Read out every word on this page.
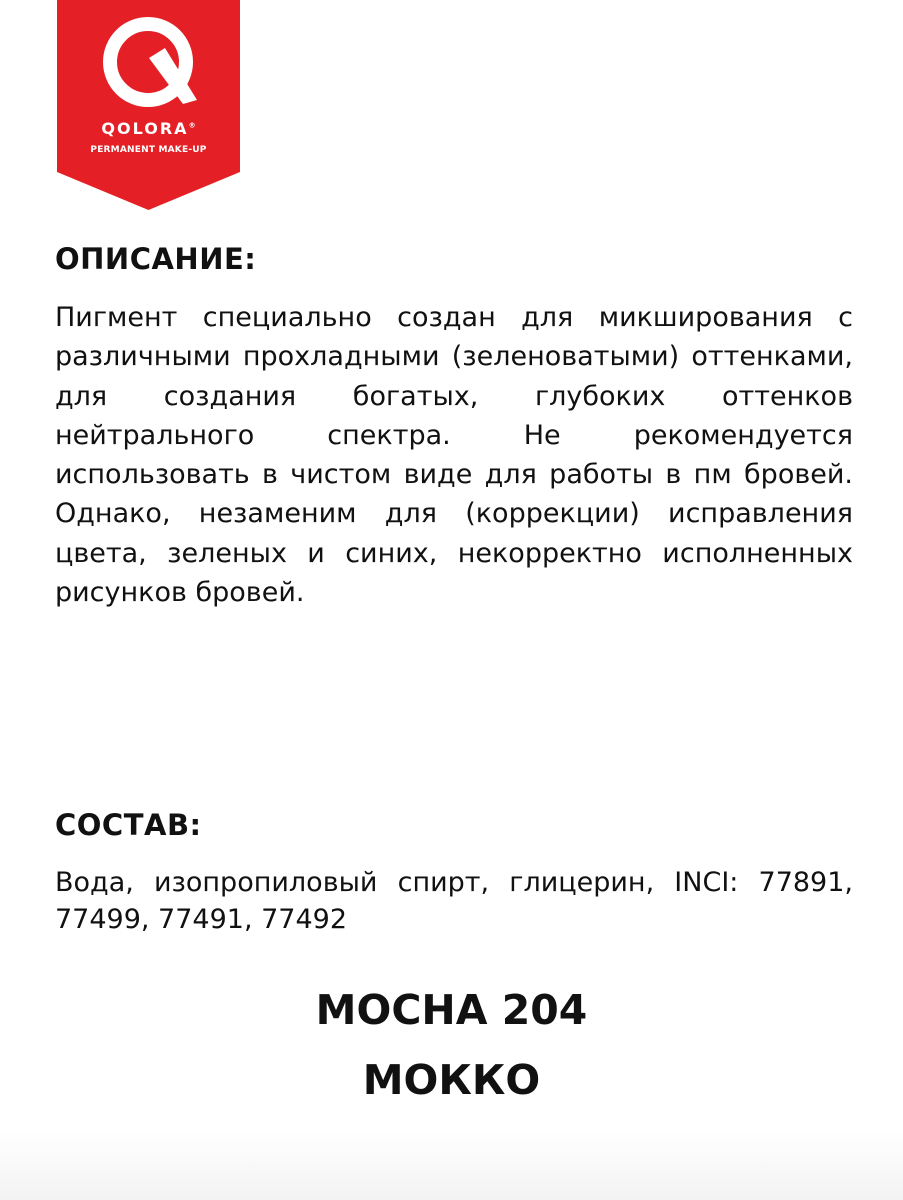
QOLORA®
PERMANENT MAKE-UP
ОПИСАНИЕ:

Пигмент специально создан для микширования с различными прохладными (зеленоватыми) оттенками, для создания богатых, глубоких оттенков нейтрального спектра. Не рекомендуется использовать в чистом виде для работы в пм бровей. Однако, незаменим для (коррекции) исправления цвета, зеленых и синих, некорректно исполненных рисунков бровей.

СОСТАВ:

Вода, изопропиловый спирт, глицерин, INCI: 77891, 77499, 77491, 77492

MOCHA 204
МОККО
